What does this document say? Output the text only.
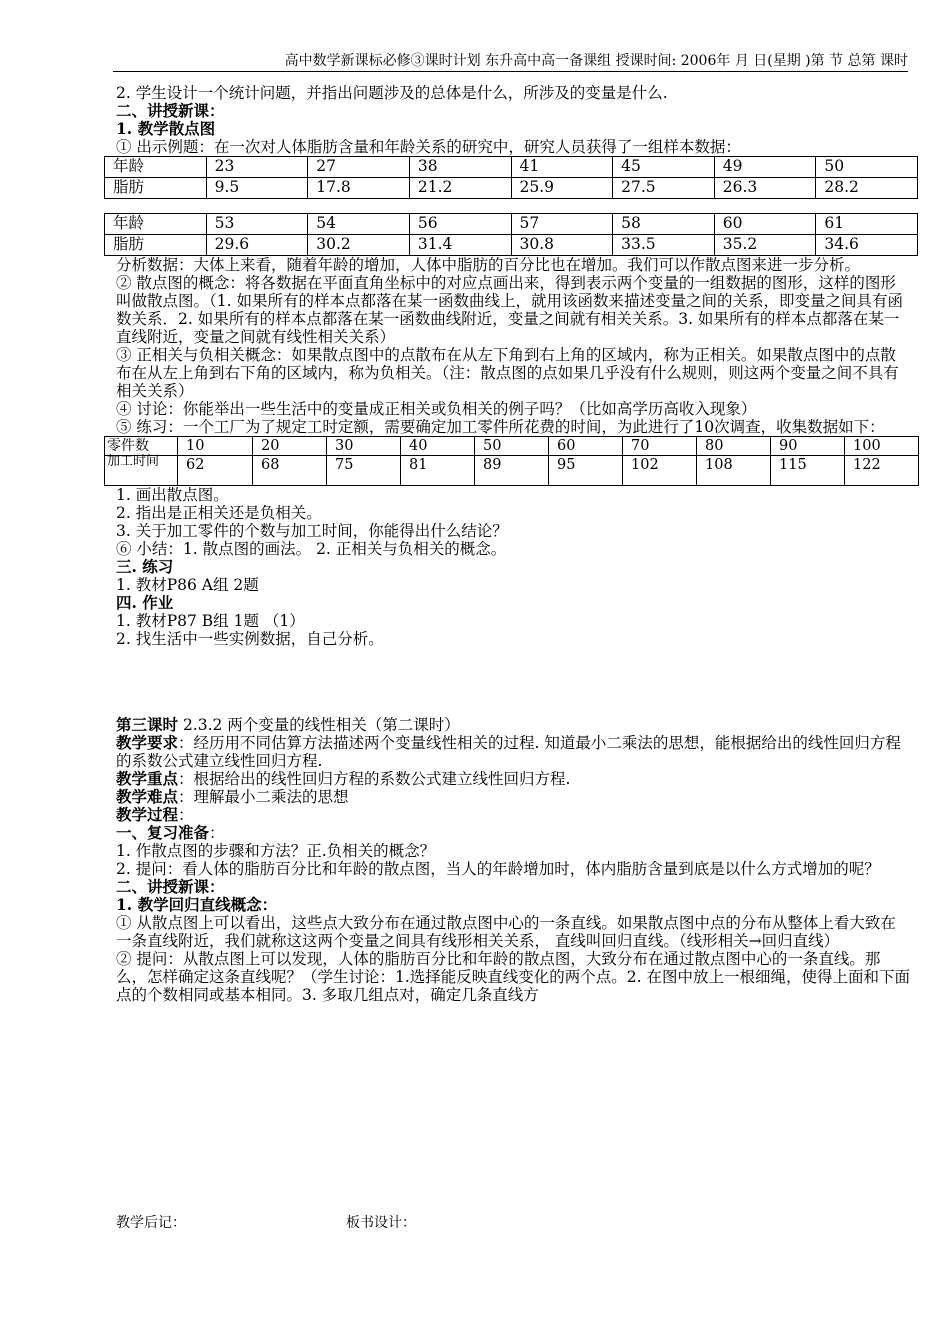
高中数学新课标必修③课时计划 东升高中高一备课组 授课时间: 2006年 月 日(星期 )第 节 总第 课时

2. 学生设计一个统计问题，并指出问题涉及的总体是什么，所涉及的变量是什么.

二、讲授新课：

1. 教学散点图

① 出示例题：在一次对人体脂肪含量和年龄关系的研究中，研究人员获得了一组样本数据：

年龄	23	27	38	41	45	49	50
脂肪	9.5	17.8	21.2	25.9	27.5	26.3	28.2
年龄	53	54	56	57	58	60	61
脂肪	29.6	30.2	31.4	30.8	33.5	35.2	34.6

分析数据：大体上来看，随着年龄的增加，人体中脂肪的百分比也在增加。我们可以作散点图来进一步分析。

② 散点图的概念：将各数据在平面直角坐标中的对应点画出来，得到表示两个变量的一组数据的图形，这样的图形叫做散点图。（1. 如果所有的样本点都落在某一函数曲线上，就用该函数来描述变量之间的关系，即变量之间具有函数关系．2. 如果所有的样本点都落在某一函数曲线附近，变量之间就有相关关系。3. 如果所有的样本点都落在某一直线附近，变量之间就有线性相关关系）

③ 正相关与负相关概念：如果散点图中的点散布在从左下角到右上角的区域内，称为正相关。如果散点图中的点散布在从左上角到右下角的区域内，称为负相关。（注：散点图的点如果几乎没有什么规则，则这两个变量之间不具有相关关系）

④ 讨论：你能举出一些生活中的变量成正相关或负相关的例子吗？（比如高学历高收入现象）

⑤ 练习：一个工厂为了规定工时定额，需要确定加工零件所花费的时间，为此进行了10次调查，收集数据如下：

零件数	10	20	30	40	50	60	70	80	90	100
加工时间	62	68	75	81	89	95	102	108	115	122

1. 画出散点图。

2. 指出是正相关还是负相关。

3. 关于加工零件的个数与加工时间，你能得出什么结论？

⑥ 小结：1. 散点图的画法。 2. 正相关与负相关的概念。

三. 练习

1. 教材P86 A组 2题

四. 作业

1. 教材P87 B组 1题 （1）

2. 找生活中一些实例数据，自己分析。

第三课时 2.3.2 两个变量的线性相关（第二课时）

教学要求：经历用不同估算方法描述两个变量线性相关的过程. 知道最小二乘法的思想，能根据给出的线性回归方程的系数公式建立线性回归方程.

教学重点：根据给出的线性回归方程的系数公式建立线性回归方程.

教学难点：理解最小二乘法的思想

教学过程：

一、复习准备：

1. 作散点图的步骤和方法？正.负相关的概念？

2. 提问：看人体的脂肪百分比和年龄的散点图，当人的年龄增加时，体内脂肪含量到底是以什么方式增加的呢？

二、讲授新课：

1. 教学回归直线概念：

① 从散点图上可以看出，这些点大致分布在通过散点图中心的一条直线。如果散点图中点的分布从整体上看大致在一条直线附近，我们就称这这两个变量之间具有线形相关关系， 直线叫回归直线。（线形相关→回归直线）

② 提问：从散点图上可以发现，人体的脂肪百分比和年龄的散点图，大致分布在通过散点图中心的一条直线。那么，怎样确定这条直线呢？（学生讨论：1.选择能反映直线变化的两个点。2. 在图中放上一根细绳，使得上面和下面点的个数相同或基本相同。3. 多取几组点对，确定几条直线方

教学后记：	板书设计：
